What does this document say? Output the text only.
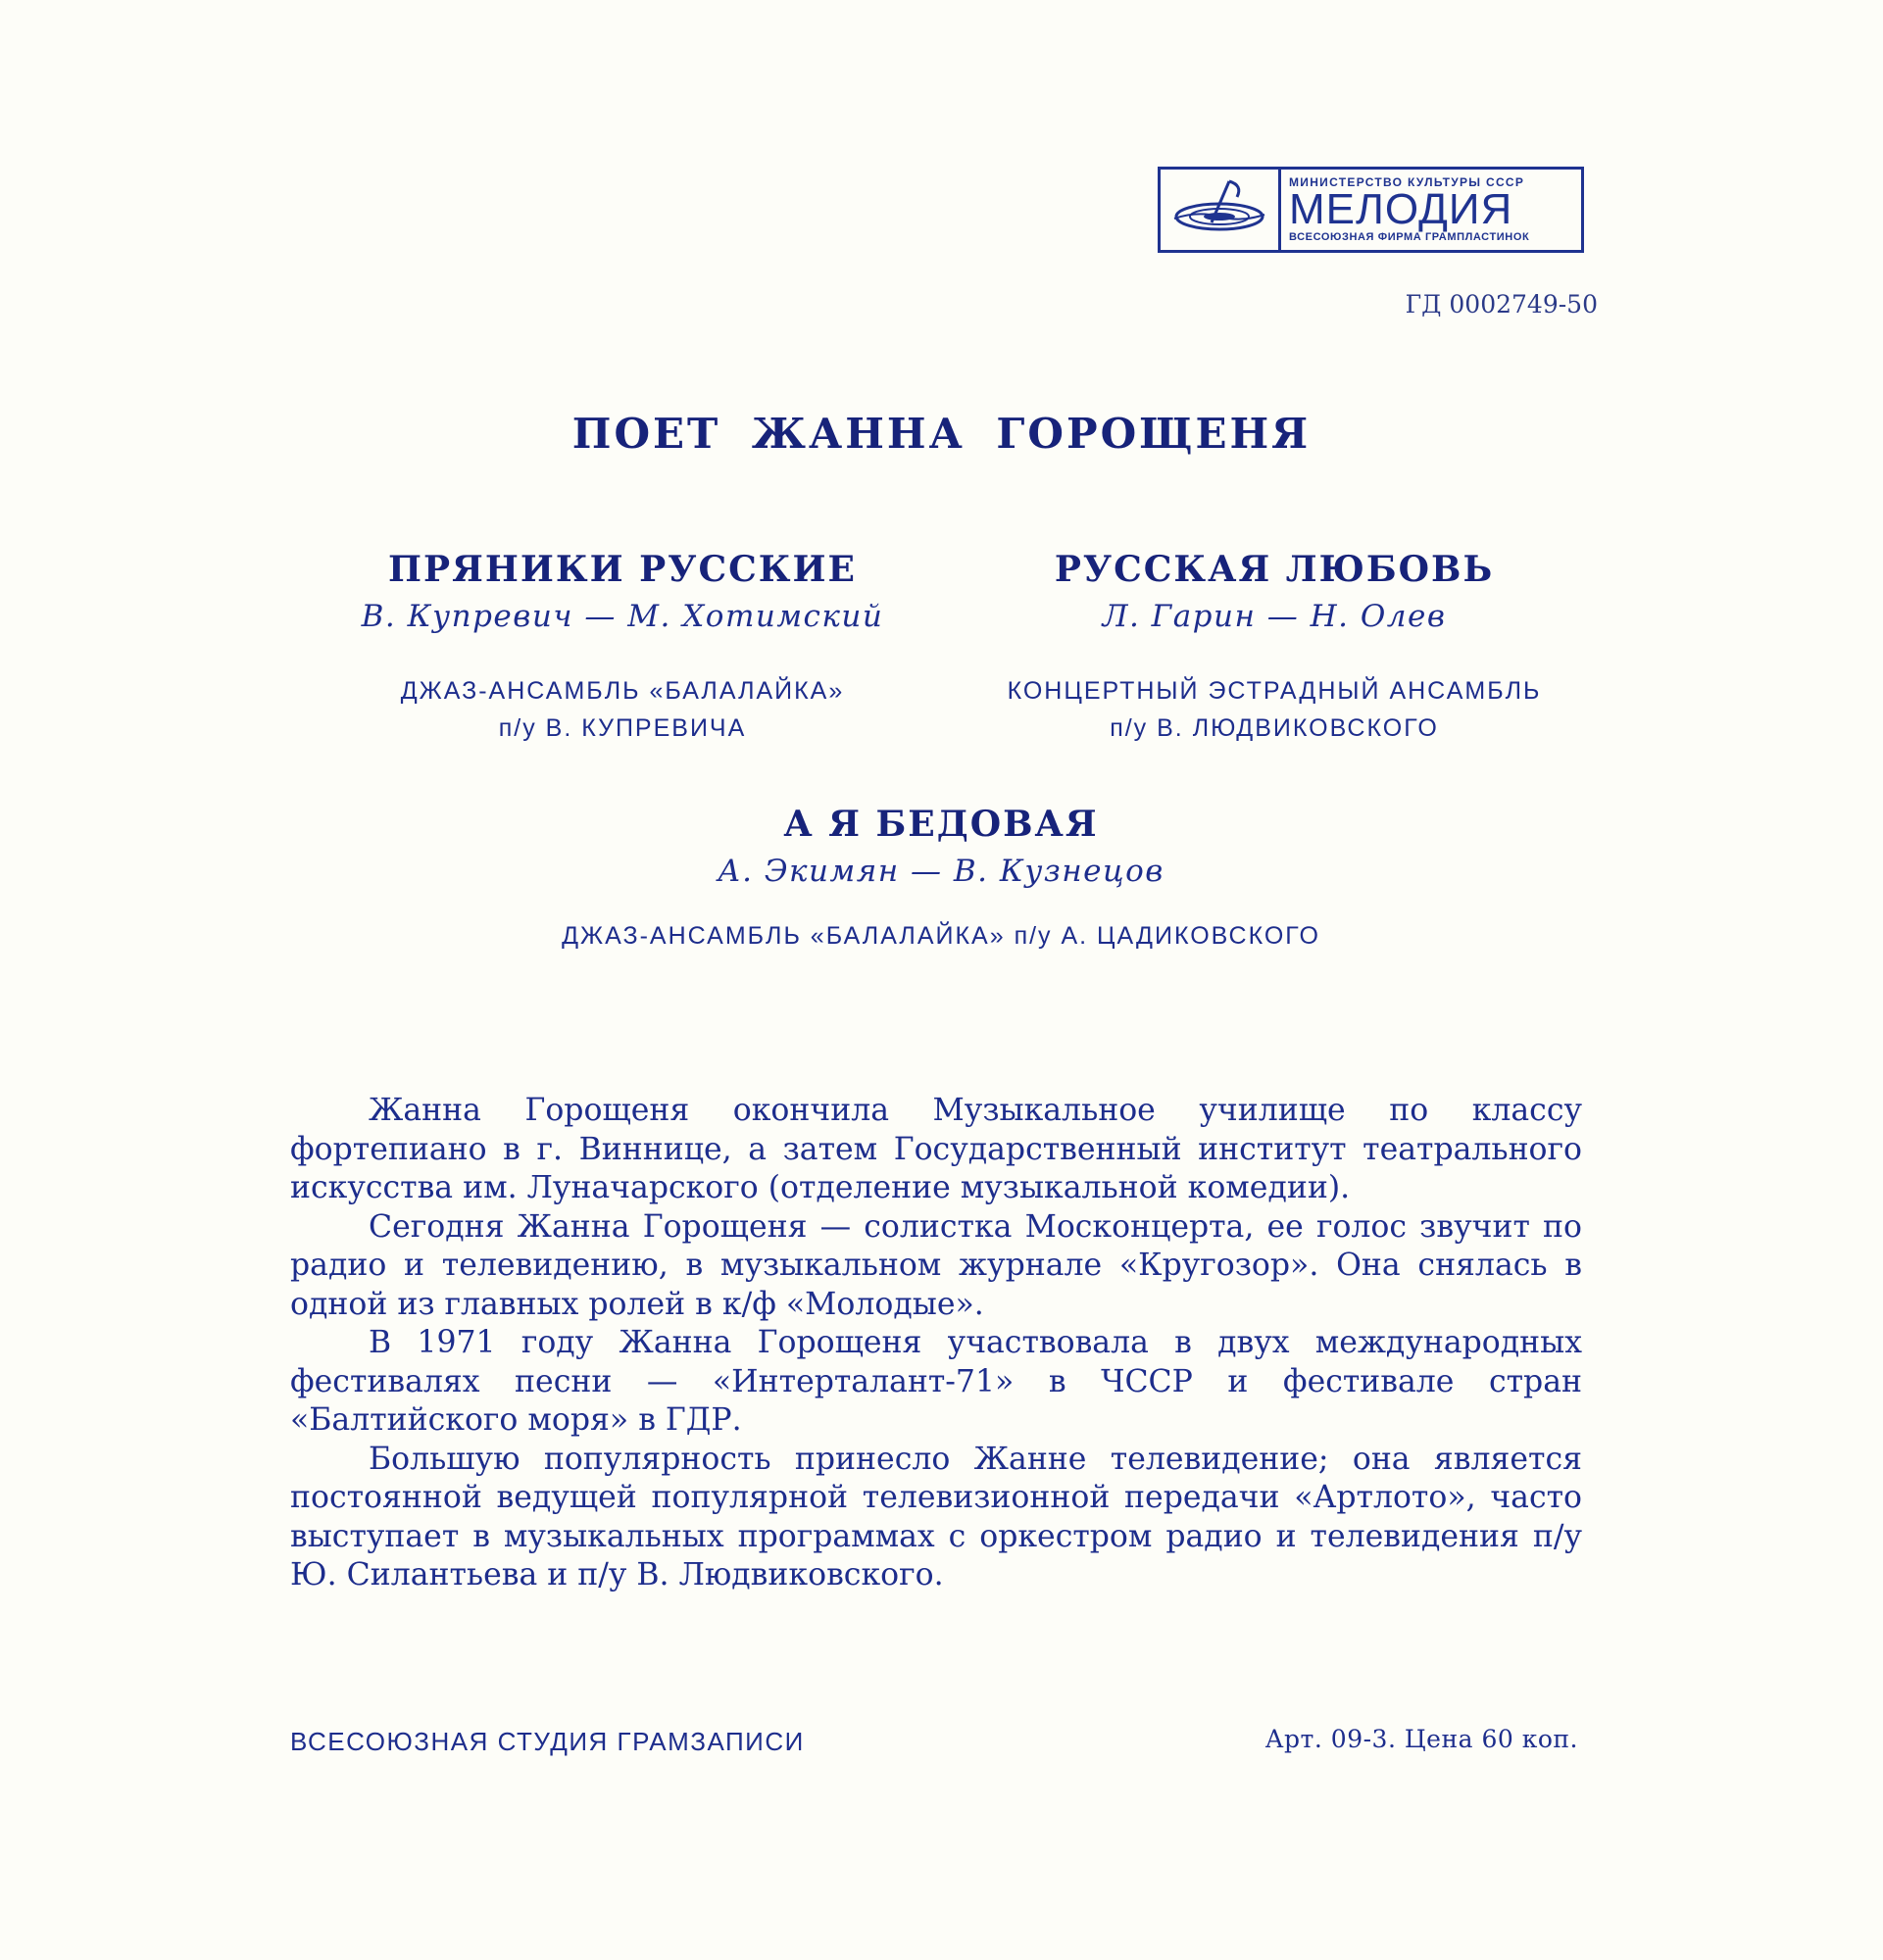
МИНИСТЕРСТВО КУЛЬТУРЫ СССР
МЕЛОДИЯ
ВСЕСОЮЗНАЯ ФИРМА ГРАМПЛАСТИНОК
ГД 0002749-50
ПОЕТ ЖАННА ГОРОЩЕНЯ
ПРЯНИКИ РУССКИЕ
В. Купревич — М. Хотимский
ДЖАЗ-АНСАМБЛЬ «БАЛАЛАЙКА»
п/у В. КУПРЕВИЧА
РУССКАЯ ЛЮБОВЬ
Л. Гарин — Н. Олев
КОНЦЕРТНЫЙ ЭСТРАДНЫЙ АНСАМБЛЬ
п/у В. ЛЮДВИКОВСКОГО
А Я БЕДОВАЯ
А. Экимян — В. Кузнецов
ДЖАЗ-АНСАМБЛЬ «БАЛАЛАЙКА» п/у А. ЦАДИКОВСКОГО

Жанна Горощеня окончила Музыкальное училище по классу фортепиано в г. Виннице, а затем Государственный институт театрального искусства им. Луначарского (отделение музыкальной комедии).

Сегодня Жанна Горощеня — солистка Москонцерта, ее голос звучит по радио и телевидению, в музыкальном журнале «Кругозор». Она снялась в одной из главных ролей в к/ф «Молодые».

В 1971 году Жанна Горощеня участвовала в двух международных фестивалях песни — «Интерталант-71» в ЧССР и фестивале стран «Балтийского моря» в ГДР.

Большую популярность принесло Жанне телевидение; она является постоянной ведущей популярной телевизионной передачи «Артлото», часто выступает в музыкальных программах с оркестром радио и телевидения п/у Ю. Силантьева и п/у В. Людвиковского.

ВСЕСОЮЗНАЯ СТУДИЯ ГРАМЗАПИСИ	Арт. 09-3. Цена 60 коп.
